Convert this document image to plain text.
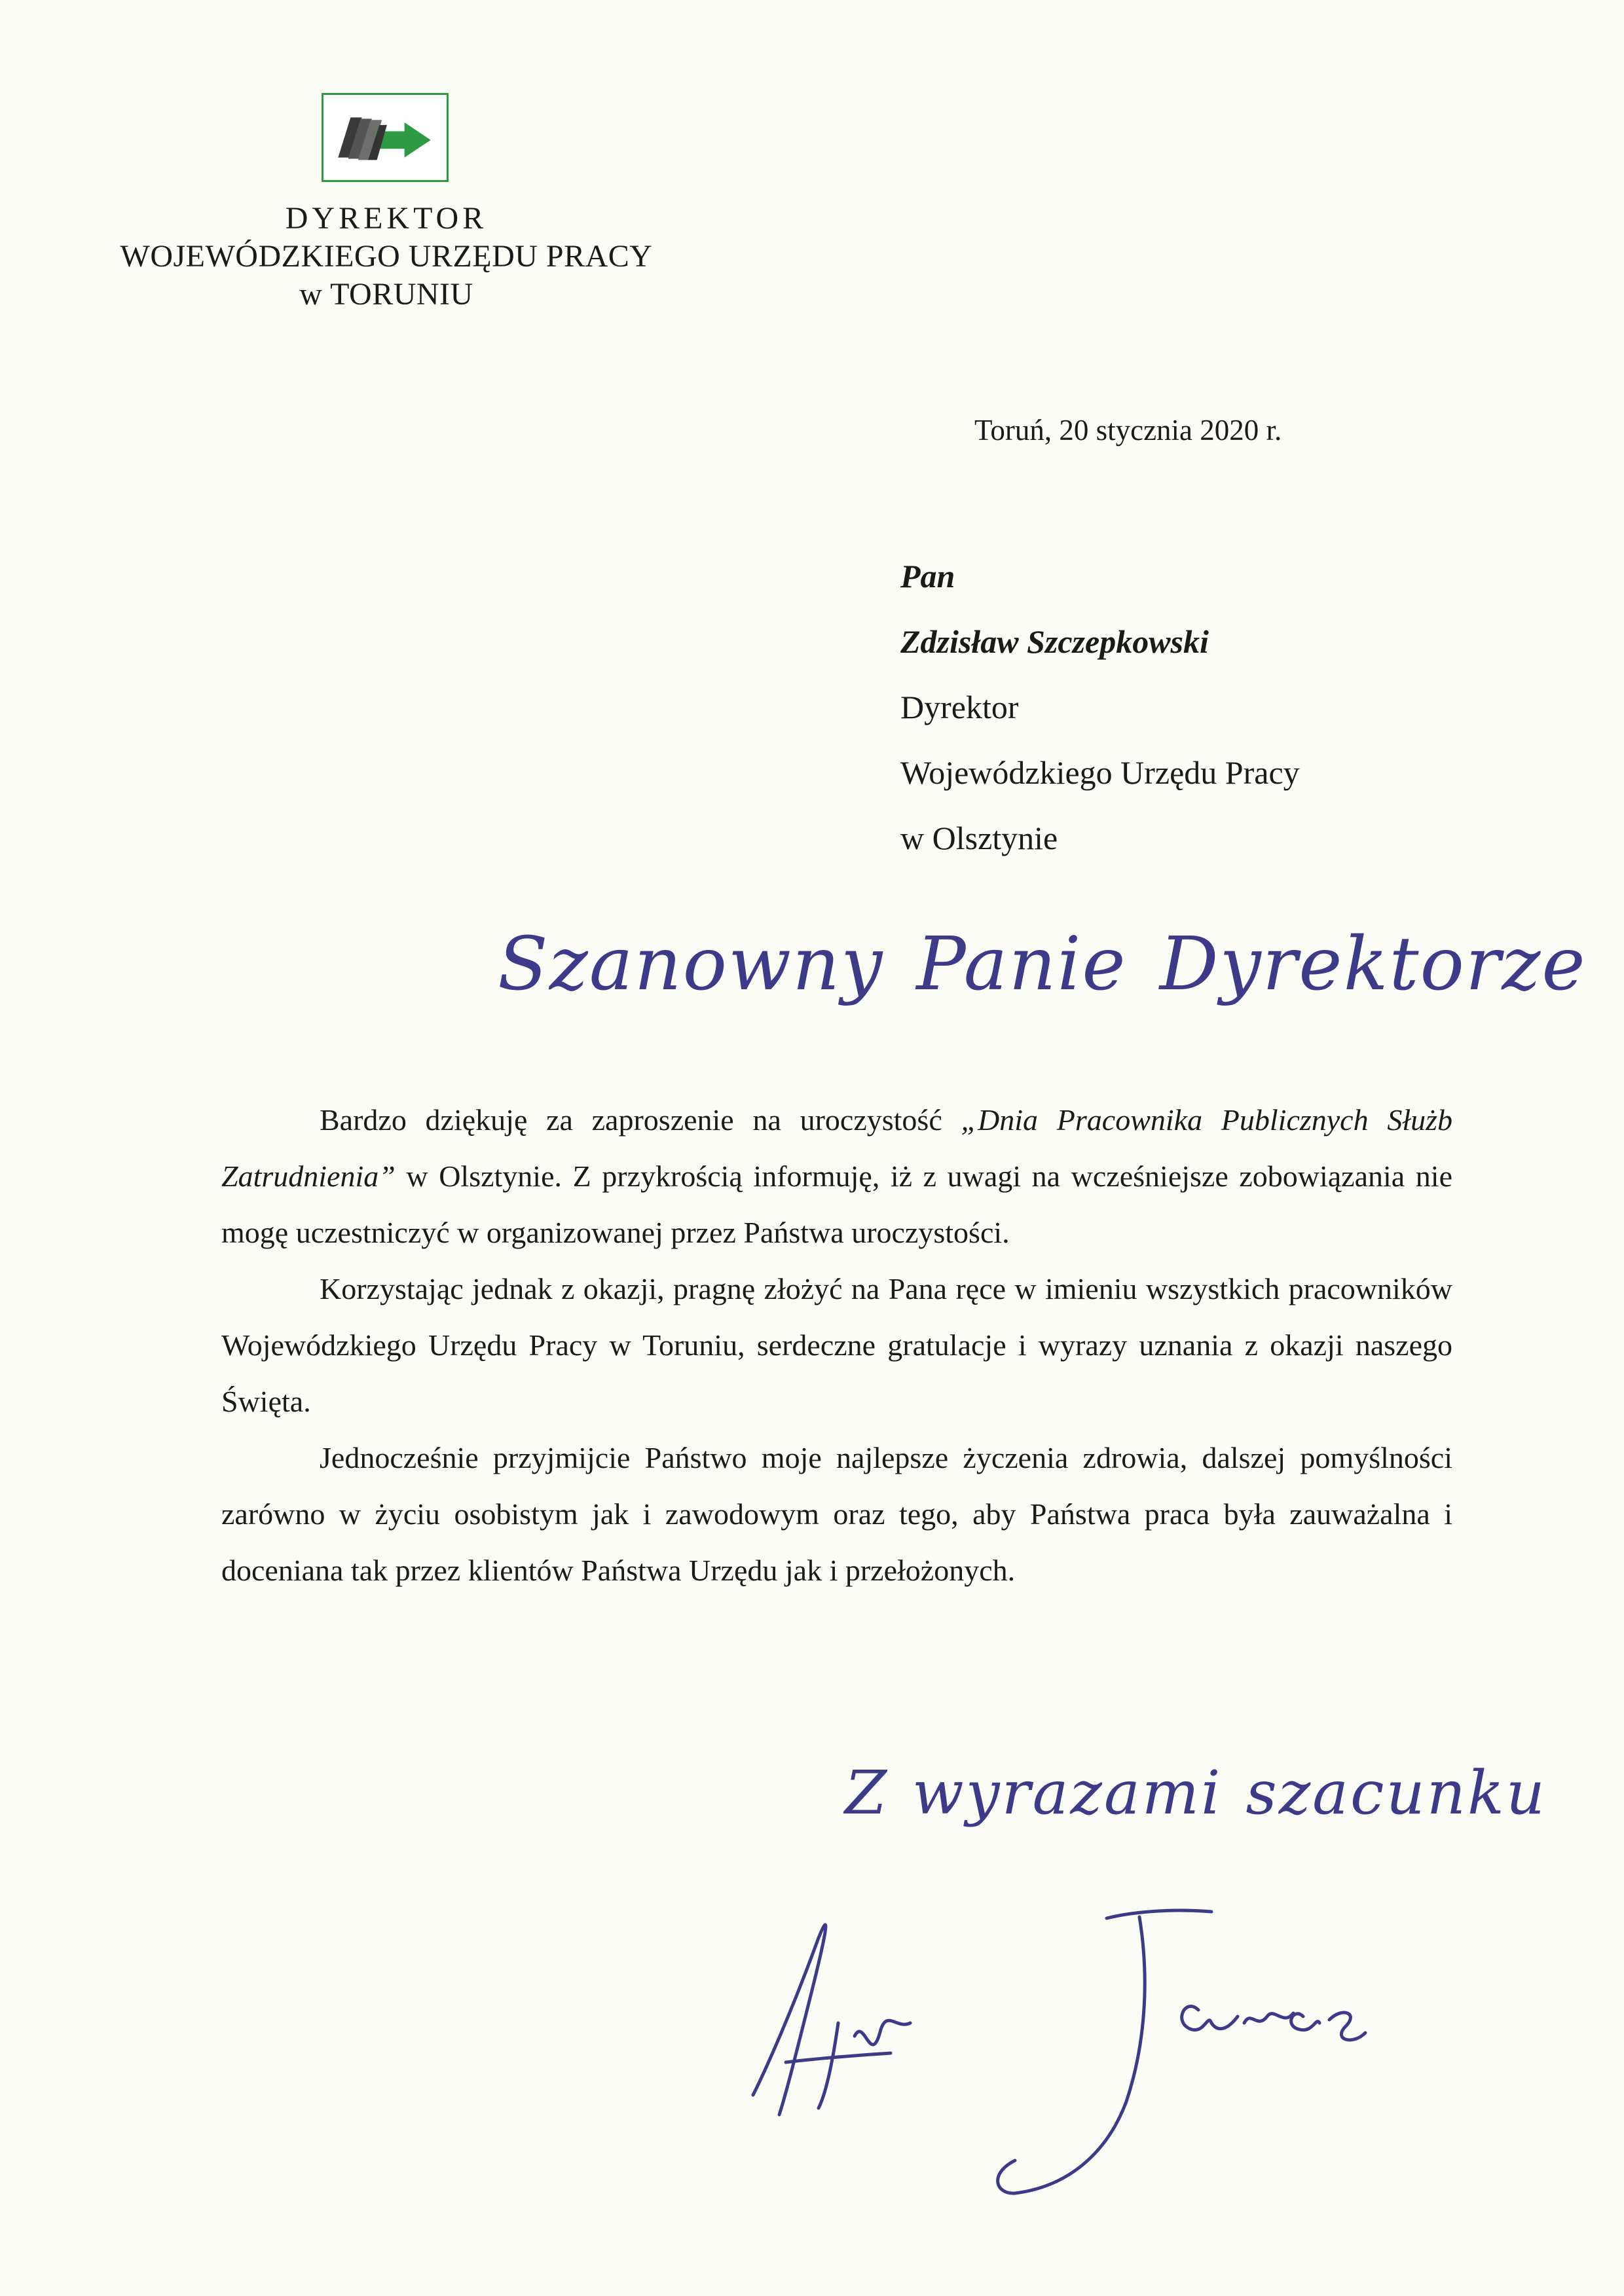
DYREKTOR
WOJEWÓDZKIEGO URZĘDU PRACY
w TORUNIU
Toruń, 20 stycznia 2020 r.
Pan
Zdzisław Szczepkowski
Dyrektor
Wojewódzkiego Urzędu Pracy
w Olsztynie
Szanowny Panie Dyrektorze

Bardzo dziękuję za zaproszenie na uroczystość „Dnia Pracownika Publicznych Służb Zatrudnienia” w Olsztynie. Z przykrością informuję, iż z uwagi na wcześniejsze zobowiązania nie mogę uczestniczyć w organizowanej przez Państwa uroczystości.

Korzystając jednak z okazji, pragnę złożyć na Pana ręce w imieniu wszystkich pracowników Wojewódzkiego Urzędu Pracy w Toruniu, serdeczne gratulacje i wyrazy uznania z okazji naszego Święta.

Jednocześnie przyjmijcie Państwo moje najlepsze życzenia zdrowia, dalszej pomyślności zarówno w życiu osobistym jak i zawodowym oraz tego, aby Państwa praca była zauważalna i doceniana tak przez klientów Państwa Urzędu jak i przełożonych.

Z wyrazami szacunku
